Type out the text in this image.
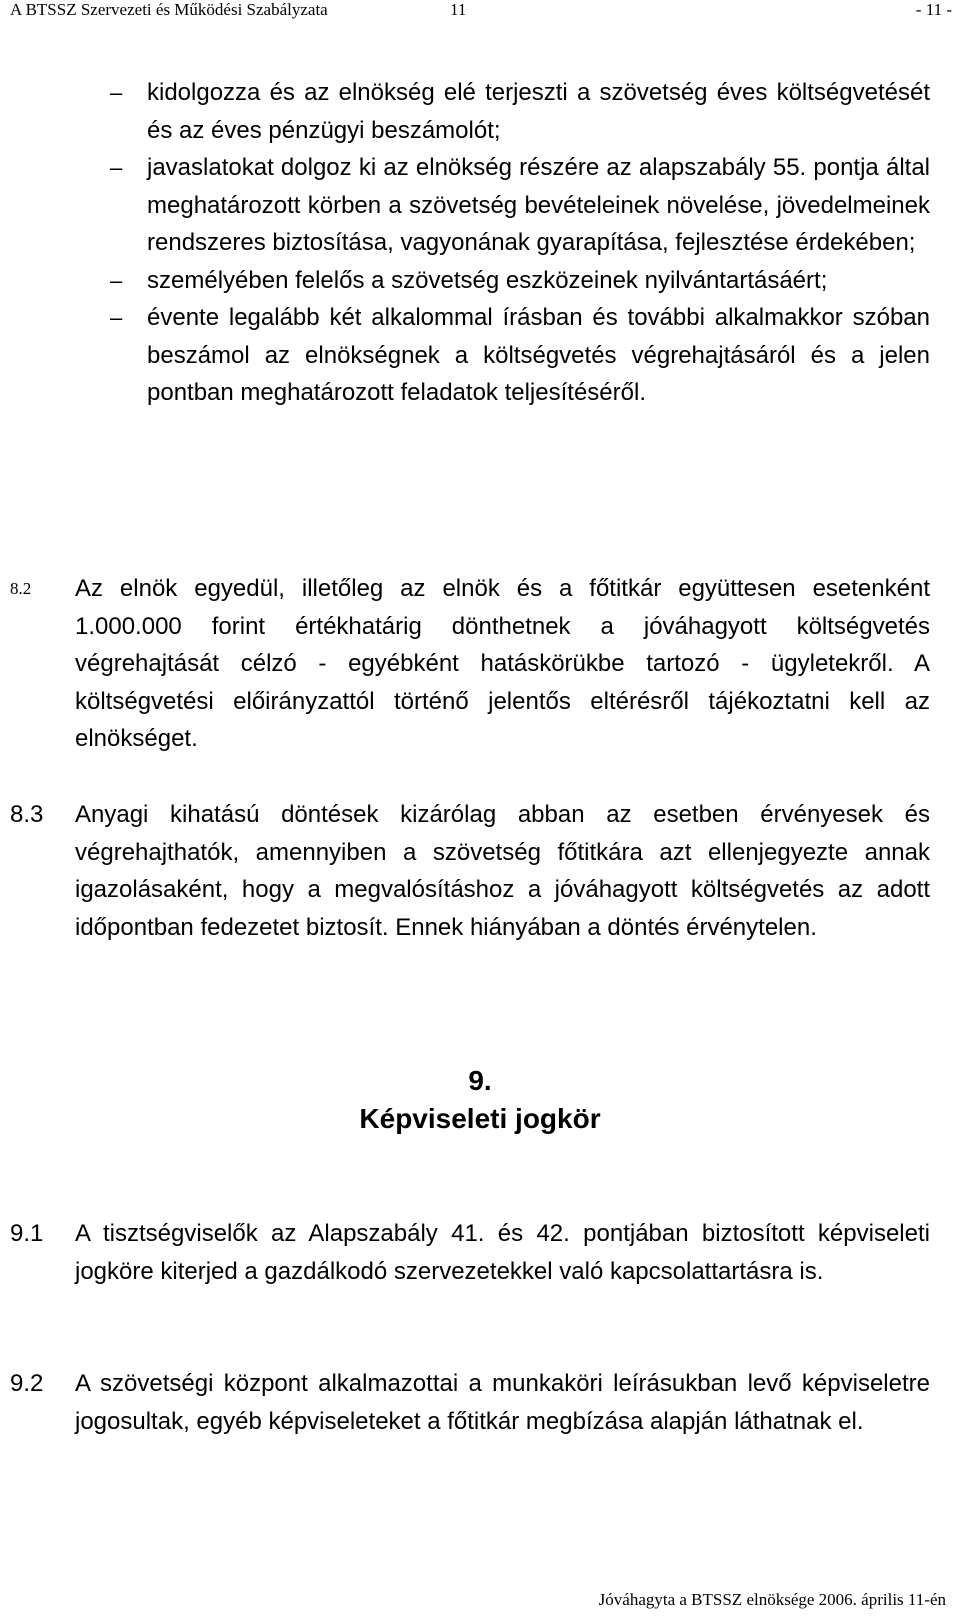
A BTSSZ Szervezeti és Működési Szabályzata	11	- 11 -
– kidolgozza és az elnökség elé terjeszti a szövetség éves költségvetését és az éves pénzügyi beszámolót;

– javaslatokat dolgoz ki az elnökség részére az alapszabály 55. pontja által meghatározott körben a szövetség bevételeinek növelése, jövedelmeinek rendszeres biztosítása, vagyonának gyarapítása, fejlesztése érdekében;

– személyében felelős a szövetség eszközeinek nyilvántartásáért;

– évente legalább két alkalommal írásban és további alkalmakkor szóban beszámol az elnökségnek a költségvetés végrehajtásáról és a jelen pontban meghatározott feladatok teljesítéséről.

8.2 Az elnök egyedül, illetőleg az elnök és a főtitkár együttesen esetenként 1.000.000 forint értékhatárig dönthetnek a jóváhagyott költségvetés végrehajtását célzó - egyébként hatáskörükbe tartozó - ügyletekről. A költségvetési előirányzattól történő jelentős eltérésről tájékoztatni kell az elnökséget.

8.3 Anyagi kihatású döntések kizárólag abban az esetben érvényesek és végrehajthatók, amennyiben a szövetség főtitkára azt ellenjegyezte annak igazolásaként, hogy a megvalósításhoz a jóváhagyott költségvetés az adott időpontban fedezetet biztosít. Ennek hiányában a döntés érvénytelen.

9.
Képviseleti jogkör
9.1 A tisztségviselők az Alapszabály 41. és 42. pontjában biztosított képviseleti jogköre kiterjed a gazdálkodó szervezetekkel való kapcsolattartásra is.

9.2 A szövetségi központ alkalmazottai a munkaköri leírásukban levő képviseletre jogosultak, egyéb képviseleteket a főtitkár megbízása alapján láthatnak el.

Jóváhagyta a BTSSZ elnöksége 2006. április 11-én
